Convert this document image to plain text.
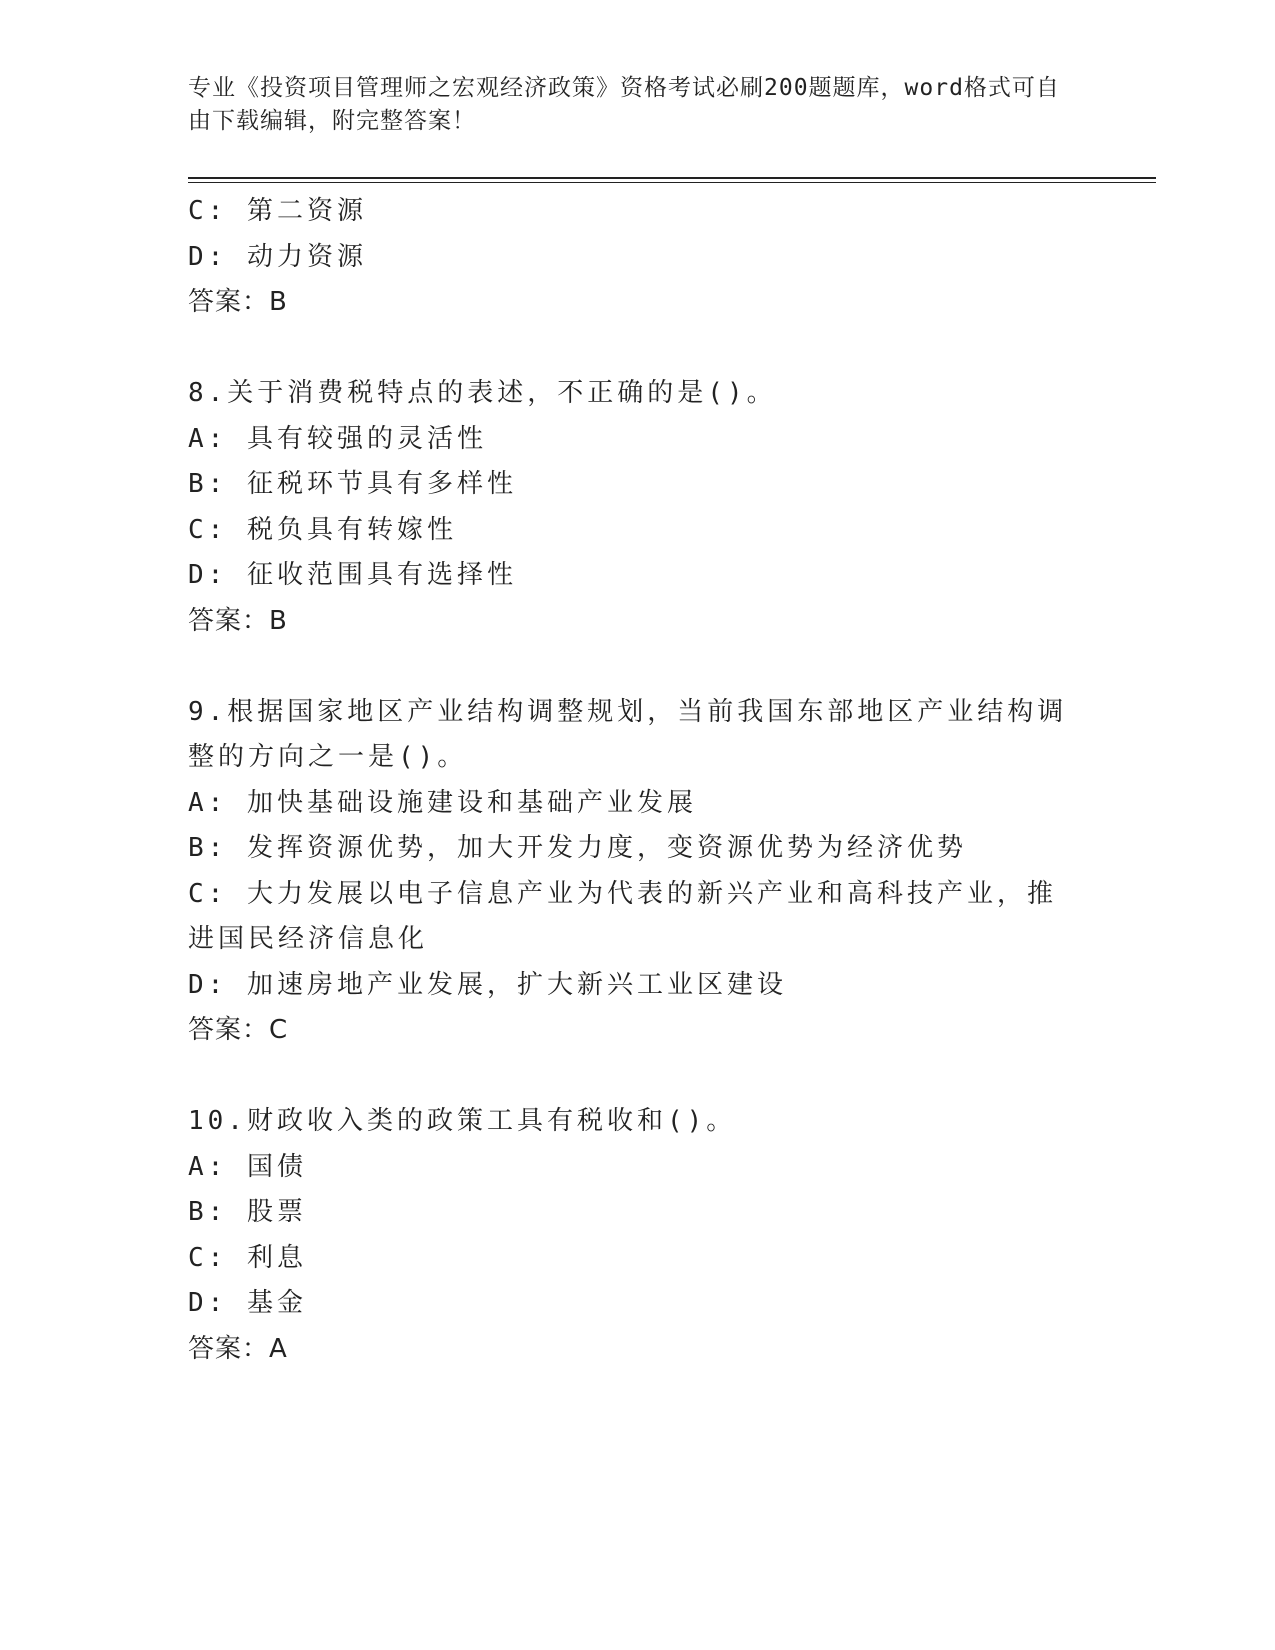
专业《投资项目管理师之宏观经济政策》资格考试必刷200题题库，word格式可自由下载编辑，附完整答案！
C: 第二资源
D: 动力资源
答案：B
8.关于消费税特点的表述，不正确的是()。
A: 具有较强的灵活性
B: 征税环节具有多样性
C: 税负具有转嫁性
D: 征收范围具有选择性
答案：B
9.根据国家地区产业结构调整规划，当前我国东部地区产业结构调整的方向之一是()。
A: 加快基础设施建设和基础产业发展
B: 发挥资源优势，加大开发力度，变资源优势为经济优势
C: 大力发展以电子信息产业为代表的新兴产业和高科技产业，推进国民经济信息化
D: 加速房地产业发展，扩大新兴工业区建设
答案：C
10.财政收入类的政策工具有税收和()。
A: 国债
B: 股票
C: 利息
D: 基金
答案：A
